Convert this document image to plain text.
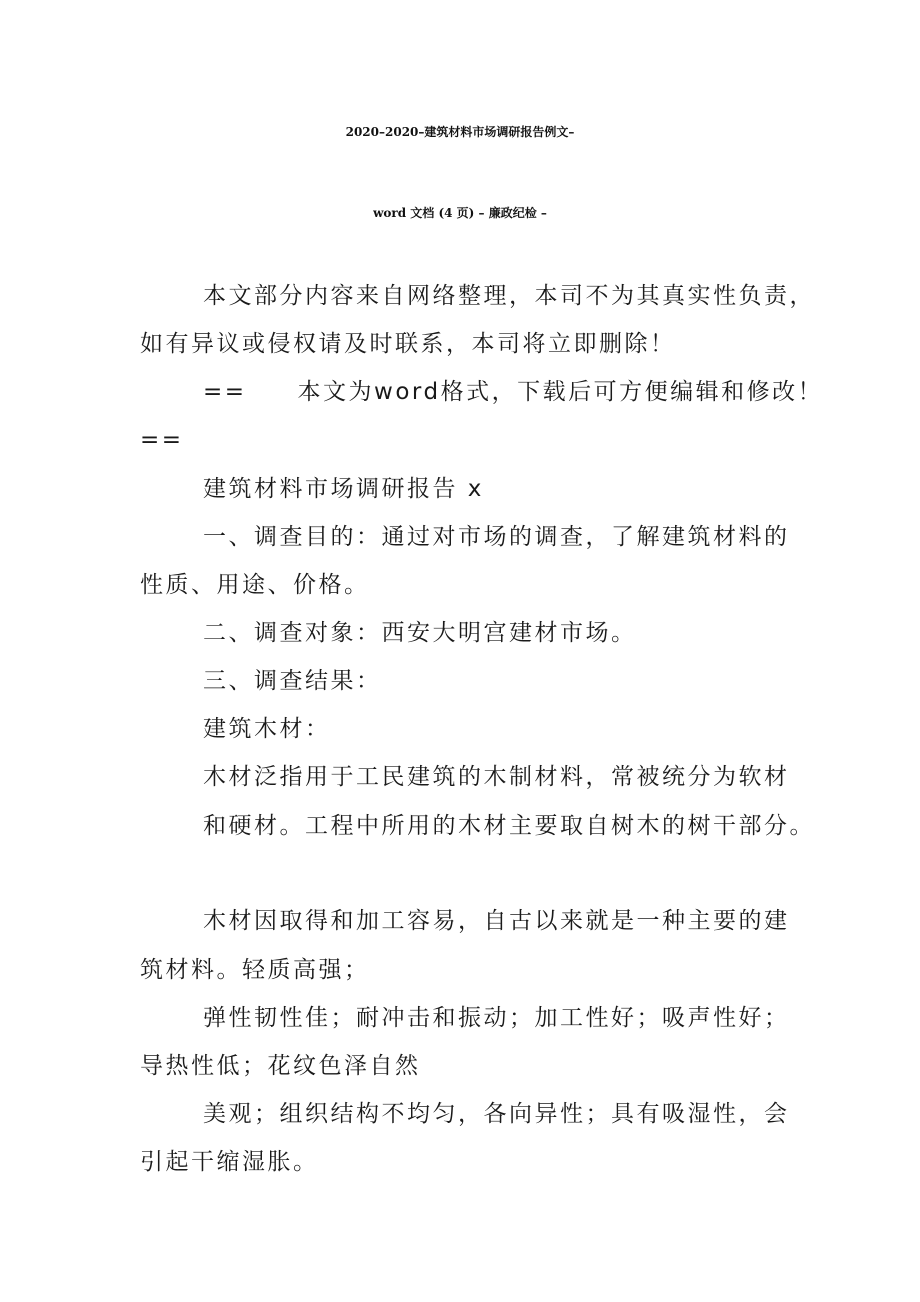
2020–2020–建筑材料市场调研报告例文–
word 文档 (4 页) – 廉政纪检 –
本文部分内容来自网络整理，本司不为其真实性负责，
如有异议或侵权请及时联系，本司将立即删除！
==　　本文为word格式，下载后可方便编辑和修改！
==
建筑材料市场调研报告 x
一、调查目的：通过对市场的调查，了解建筑材料的
性质、用途、价格。
二、调查对象：西安大明宫建材市场。
三、调查结果：
建筑木材：
木材泛指用于工民建筑的木制材料，常被统分为软材
和硬材。工程中所用的木材主要取自树木的树干部分。
木材因取得和加工容易，自古以来就是一种主要的建
筑材料。轻质高强；
弹性韧性佳；耐冲击和振动；加工性好；吸声性好；
导热性低；花纹色泽自然
美观；组织结构不均匀，各向异性；具有吸湿性，会
引起干缩湿胀。
